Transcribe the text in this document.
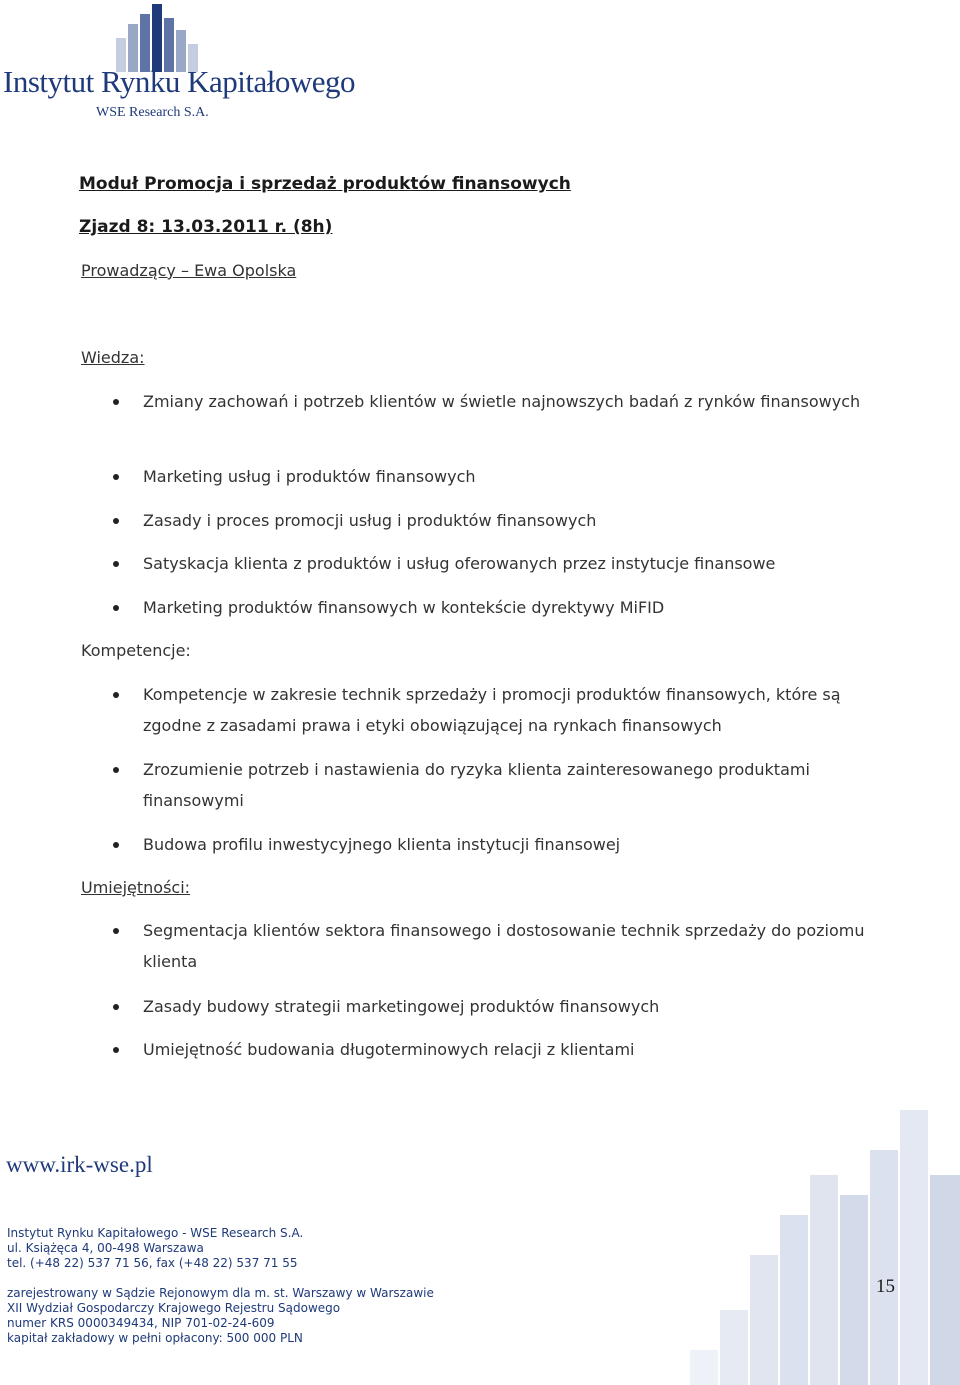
Instytut Rynku Kapitałowego
WSE Research S.A.
Moduł Promocja i sprzedaż produktów finansowych
Zjazd 8: 13.03.2011 r. (8h)
Prowadzący – Ewa Opolska
Wiedza:
Zmiany zachowań i potrzeb klientów w świetle najnowszych badań z rynków finansowych
Marketing usług i produktów finansowych
Zasady i proces promocji usług i produktów finansowych
Satyskacja klienta z produktów i usług oferowanych przez instytucje finansowe
Marketing produktów finansowych w kontekście dyrektywy MiFID
Kompetencje:
Kompetencje w zakresie technik sprzedaży i promocji produktów finansowych, które są zgodne z zasadami prawa i etyki obowiązującej na rynkach finansowych
Zrozumienie potrzeb i nastawienia do ryzyka klienta zainteresowanego produktami finansowymi
Budowa profilu inwestycyjnego klienta instytucji finansowej
Umiejętności:
Segmentacja klientów sektora finansowego i dostosowanie technik sprzedaży do poziomu klienta
Zasady budowy strategii marketingowej produktów finansowych
Umiejętność budowania długoterminowych relacji z klientami
www.irk-wse.pl
Instytut Rynku Kapitałowego - WSE Research S.A.
ul. Książęca 4, 00-498 Warszawa
tel. (+48 22) 537 71 56, fax (+48 22) 537 71 55
zarejestrowany w Sądzie Rejonowym dla m. st. Warszawy w Warszawie
XII Wydział Gospodarczy Krajowego Rejestru Sądowego
numer KRS 0000349434, NIP 701-02-24-609
kapitał zakładowy w pełni opłacony: 500 000 PLN
15
